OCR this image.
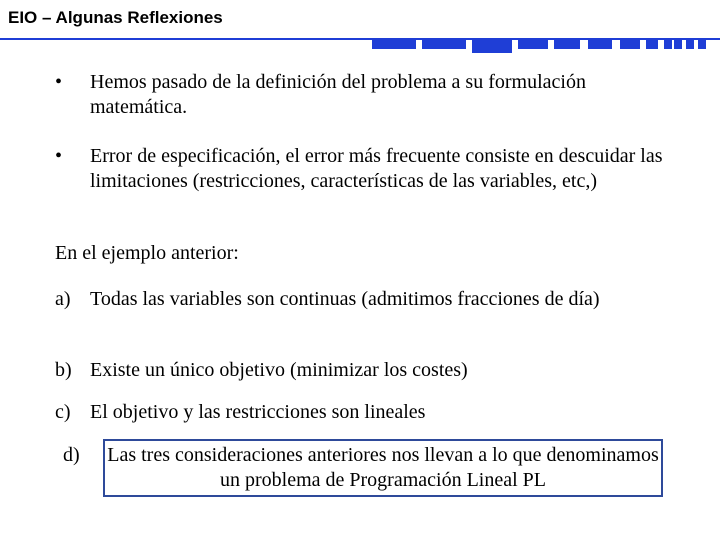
EIO – Algunas Reflexiones
• Hemos pasado de la definición del problema a su formulación matemática.
• Error de especificación, el error más frecuente consiste en descuidar las limitaciones (restricciones, características de las variables, etc,)
En el ejemplo anterior:
a) Todas las variables son continuas (admitimos fracciones de día)
b) Existe un único objetivo (minimizar los costes)
c) El objetivo y las restricciones son lineales
d) Las tres consideraciones anteriores nos llevan a lo que denominamos un problema de Programación Lineal PL
